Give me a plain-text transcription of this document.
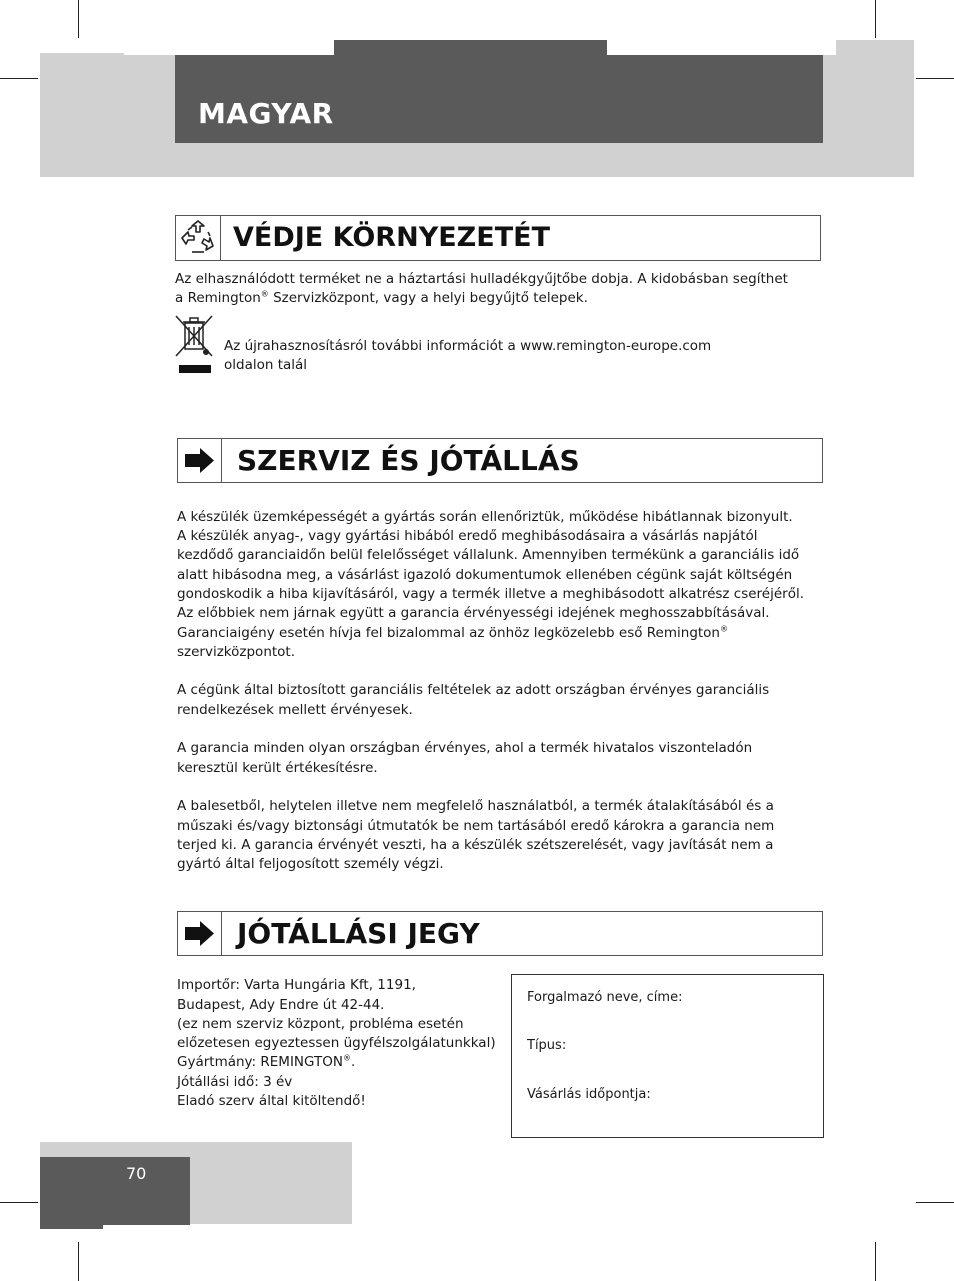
MAGYAR
VÉDJE KÖRNYEZETÉT
Az elhasználódott terméket ne a háztartási hulladékgyűjtőbe dobja. A kidobásban segíthet
a Remington® Szervizközpont, vagy a helyi begyűjtő telepek.
Az újrahasznosításról további információt a www.remington-europe.com
oldalon talál
SZERVIZ ÉS JÓTÁLLÁS
A készülék üzemképességét a gyártás során ellenőriztük, működése hibátlannak bizonyult.
A készülék anyag-, vagy gyártási hibából eredő meghibásodásaira a vásárlás napjától
kezdődő garanciaidőn belül felelősséget vállalunk. Amennyiben termékünk a garanciális idő
alatt hibásodna meg, a vásárlást igazoló dokumentumok ellenében cégünk saját költségén
gondoskodik a hiba kijavításáról, vagy a termék illetve a meghibásodott alkatrész cseréjéről.
Az előbbiek nem járnak együtt a garancia érvényességi idejének meghosszabbításával.
Garanciaigény esetén hívja fel bizalommal az önhöz legközelebb eső Remington®
szervizközpontot.
A cégünk által biztosított garanciális feltételek az adott országban érvényes garanciális
rendelkezések mellett érvényesek.
A garancia minden olyan országban érvényes, ahol a termék hivatalos viszonteladón
keresztül került értékesítésre.
A balesetből, helytelen illetve nem megfelelő használatból, a termék átalakításából és a
műszaki és/vagy biztonsági útmutatók be nem tartásából eredő károkra a garancia nem
terjed ki. A garancia érvényét veszti, ha a készülék szétszerelését, vagy javítását nem a
gyártó által feljogosított személy végzi.
JÓTÁLLÁSI JEGY
Importőr: Varta Hungária Kft, 1191,
Budapest, Ady Endre út 42-44.
(ez nem szerviz központ, probléma esetén
előzetesen egyeztessen ügyfélszolgálatunkkal)
Gyártmány: REMINGTON®.
Jótállási idő: 3 év
Eladó szerv által kitöltendő!
Forgalmazó neve, címe:
Típus:
Vásárlás időpontja:
70
